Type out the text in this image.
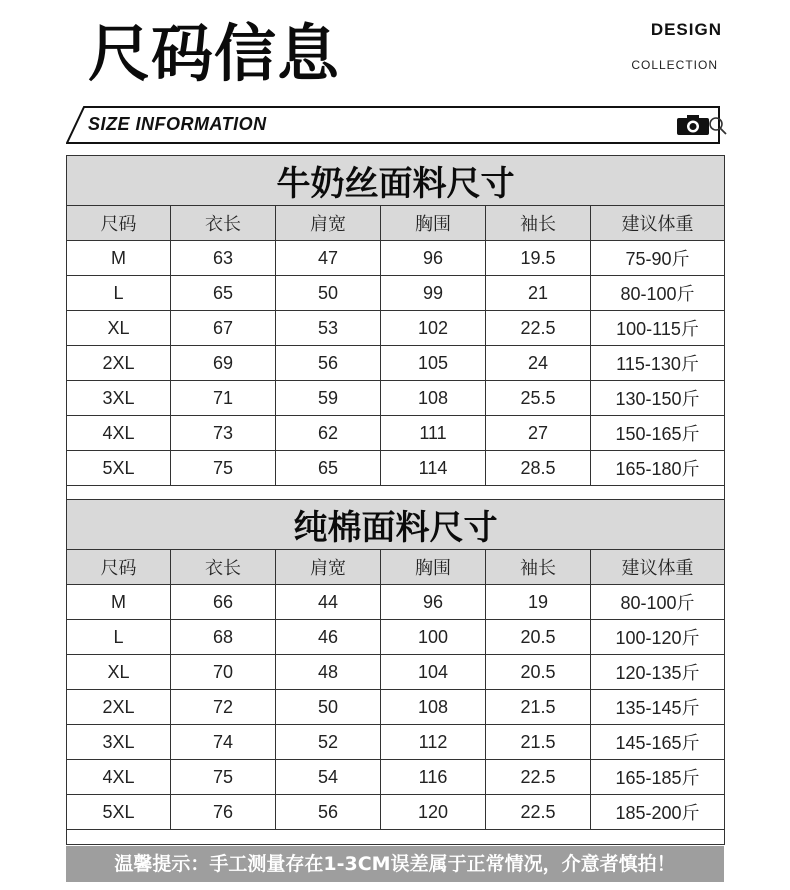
尺码信息	DESIGN
COLLECTION
SIZE INFORMATION
牛奶丝面料尺寸					
尺码	衣长	肩宽	胸围	袖长	建议体重
M	63	47	96	19.5	75-90斤
L	65	50	99	21	80-100斤
XL	67	53	102	22.5	100-115斤
2XL	69	56	105	24	115-130斤
3XL	71	59	108	25.5	130-150斤
4XL	73	62	111	27	150-165斤
5XL	75	65	114	28.5	165-180斤

纯棉面料尺寸					
尺码	衣长	肩宽	胸围	袖长	建议体重
M	66	44	96	19	80-100斤
L	68	46	100	20.5	100-120斤
XL	70	48	104	20.5	120-135斤
2XL	72	50	108	21.5	135-145斤
3XL	74	52	112	21.5	145-165斤
4XL	75	54	116	22.5	165-185斤
5XL	76	56	120	22.5	185-200斤

温馨提示：手工测量存在1-3CM误差属于正常情况，介意者慎拍！
